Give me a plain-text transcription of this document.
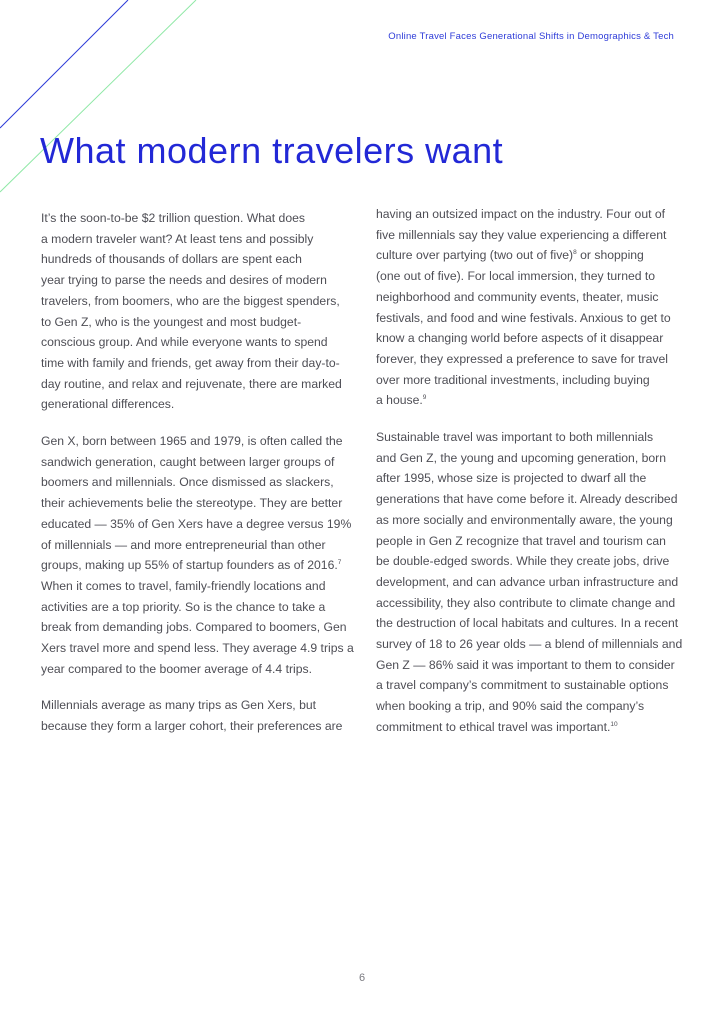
Online Travel Faces Generational Shifts in Demographics & Tech
What modern travelers want

It’s the soon-to-be $2 trillion question. What does
a modern traveler want? At least tens and possibly
hundreds of thousands of dollars are spent each
year trying to parse the needs and desires of modern
travelers, from boomers, who are the biggest spenders,
to Gen Z, who is the youngest and most budget-
conscious group. And while everyone wants to spend
time with family and friends, get away from their day-to-
day routine, and relax and rejuvenate, there are marked
generational differences.

Gen X, born between 1965 and 1979, is often called the
sandwich generation, caught between larger groups of
boomers and millennials. Once dismissed as slackers,
their achievements belie the stereotype. They are better
educated — 35% of Gen Xers have a degree versus 19%
of millennials — and more entrepreneurial than other
groups, making up 55% of startup founders as of 2016.$^7$
When it comes to travel, family-friendly locations and
activities are a top priority. So is the chance to take a
break from demanding jobs. Compared to boomers, Gen
Xers travel more and spend less. They average 4.9 trips a
year compared to the boomer average of 4.4 trips.

Millennials average as many trips as Gen Xers, but
because they form a larger cohort, their preferences are

having an outsized impact on the industry. Four out of
five millennials say they value experiencing a different
culture over partying (two out of five)$^8$ or shopping
(one out of five). For local immersion, they turned to
neighborhood and community events, theater, music
festivals, and food and wine festivals. Anxious to get to
know a changing world before aspects of it disappear
forever, they expressed a preference to save for travel
over more traditional investments, including buying
a house.$^9$

Sustainable travel was important to both millennials
and Gen Z, the young and upcoming generation, born
after 1995, whose size is projected to dwarf all the
generations that have come before it. Already described
as more socially and environmentally aware, the young
people in Gen Z recognize that travel and tourism can
be double-edged swords. While they create jobs, drive
development, and can advance urban infrastructure and
accessibility, they also contribute to climate change and
the destruction of local habitats and cultures. In a recent
survey of 18 to 26 year olds — a blend of millennials and
Gen Z — 86% said it was important to them to consider
a travel company’s commitment to sustainable options
when booking a trip, and 90% said the company’s
commitment to ethical travel was important.$^{10}$

6
